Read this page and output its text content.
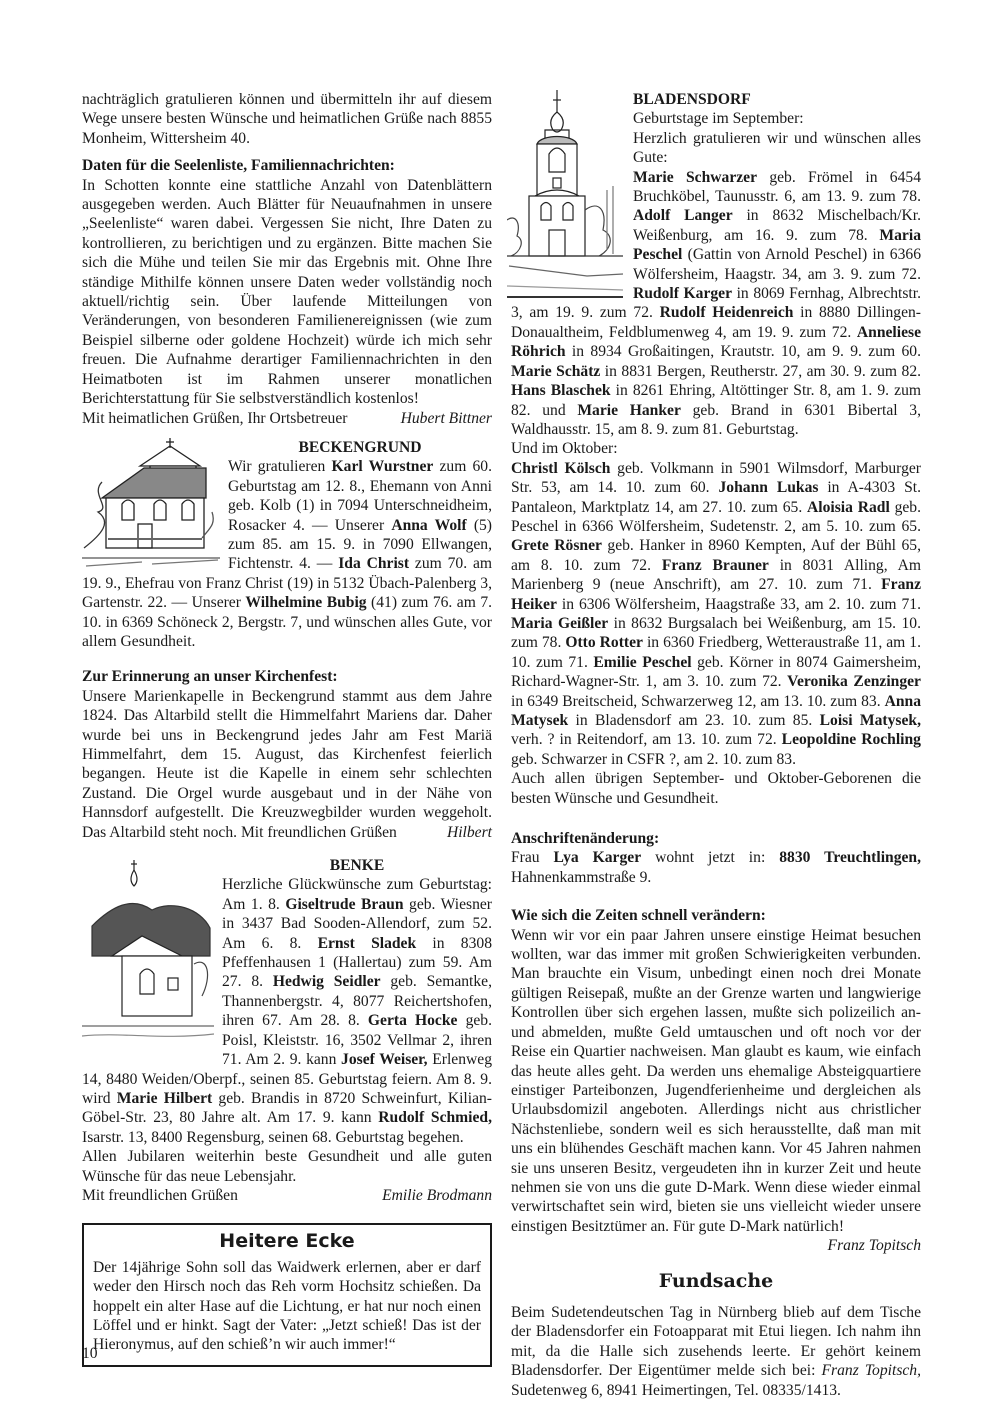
nachträglich gratulieren können und übermitteln ihr auf diesem Wege unsere besten Wünsche und heimatlichen Grüße nach 8855 Monheim, Wittersheim 40.

Daten für die Seelenliste, Familiennachrichten:

In Schotten konnte eine stattliche Anzahl von Datenblättern ausgegeben werden. Auch Blätter für Neuaufnahmen in unsere „Seelenliste“ waren dabei. Vergessen Sie nicht, Ihre Daten zu kontrollieren, zu berichtigen und zu ergänzen. Bitte machen Sie sich die Mühe und teilen Sie mir das Ergebnis mit. Ohne Ihre ständige Mithilfe können unsere Daten weder vollständig noch aktuell/richtig sein. Über laufende Mitteilungen von Veränderungen, von besonderen Familienereignissen (wie zum Beispiel silberne oder goldene Hochzeit) würde ich mich sehr freuen. Die Aufnahme derartiger Familiennachrichten in den Heimatboten ist im Rahmen unserer monatlichen Berichterstattung für Sie selbstverständlich kostenlos!

Mit heimatlichen Grüßen, Ihr Ortsbetreuer	Hubert Bittner
BECKENGRUND

Wir gratulieren Karl Wurstner zum 60. Geburtstag am 12. 8., Ehemann von Anni geb. Kolb (1) in 7094 Unterschneidheim, Rosacker 4. — Unserer Anna Wolf (5) zum 85. am 15. 9. in 7090 Ellwangen, Fichtenstr. 4. — Ida Christ zum 70. am 19. 9., Ehefrau von Franz Christ (19) in 5132 Übach-Palenberg 3, Gartenstr. 22. — Unserer Wilhelmine Bubig (41) zum 76. am 7. 10. in 6369 Schöneck 2, Bergstr. 7, und wünschen alles Gute, vor allem Gesundheit.

Zur Erinnerung an unser Kirchenfest:

Unsere Marienkapelle in Beckengrund stammt aus dem Jahre 1824. Das Altarbild stellt die Himmelfahrt Mariens dar. Daher wurde bei uns in Beckengrund jedes Jahr am Fest Mariä Himmelfahrt, dem 15. August, das Kirchenfest feierlich begangen. Heute ist die Kapelle in einem sehr schlechten Zustand. Die Orgel wurde ausgebaut und in der Nähe von Hannsdorf aufgestellt. Die Kreuzwegbilder wurden weggeholt. Das Altarbild steht noch. Mit freundlichen Grüßen	Hilbert

BENKE

Herzliche Glückwünsche zum Geburtstag: Am 1. 8. Giseltrude Braun geb. Wiesner in 3437 Bad Sooden-Allendorf, zum 52. Am 6. 8. Ernst Sladek in 8308 Pfeffenhausen 1 (Hallertau) zum 59. Am 27. 8. Hedwig Seidler geb. Semantke, Thannenbergstr. 4, 8077 Reichertshofen, ihren 67. Am 28. 8. Gerta Hocke geb. Poisl, Kleiststr. 16, 3502 Vellmar 2, ihren 71. Am 2. 9. kann Josef Weiser, Erlenweg 14, 8480 Weiden/Oberpf., seinen 85. Geburtstag feiern. Am 8. 9. wird Marie Hilbert geb. Brandis in 8720 Schweinfurt, Kilian-Göbel-Str. 23, 80 Jahre alt. Am 17. 9. kann Rudolf Schmied, Isarstr. 13, 8400 Regensburg, seinen 68. Geburtstag begehen.

Allen Jubilaren weiterhin beste Gesundheit und alle guten Wünsche für das neue Lebensjahr.

Mit freundlichen Grüßen	Emilie Brodmann
Heitere Ecke

Der 14jährige Sohn soll das Waidwerk erlernen, aber er darf weder den Hirsch noch das Reh vorm Hochsitz schießen. Da hoppelt ein alter Hase auf die Lichtung, er hat nur noch einen Löffel und er hinkt. Sagt der Vater: „Jetzt schieß! Das ist der Hieronymus, auf den schieß’n wir auch immer!“

BLADENSDORF

Geburtstage im September:

Herzlich gratulieren wir und wünschen alles Gute:

Marie Schwarzer geb. Frömel in 6454 Bruchköbel, Taunusstr. 6, am 13. 9. zum 78. Adolf Langer in 8632 Mischelbach/Kr. Weißenburg, am 16. 9. zum 78. Maria Peschel (Gattin von Arnold Peschel) in 6366 Wölfersheim, Haagstr. 34, am 3. 9. zum 72. Rudolf Karger in 8069 Fernhag, Albrechtstr. 3, am 19. 9. zum 72. Rudolf Heidenreich in 8880 Dillingen-Donaualtheim, Feldblumenweg 4, am 19. 9. zum 72. Anneliese Röhrich in 8934 Großaitingen, Krautstr. 10, am 9. 9. zum 60. Marie Schätz in 8831 Bergen, Reutherstr. 27, am 30. 9. zum 82. Hans Blaschek in 8261 Ehring, Altöttinger Str. 8, am 1. 9. zum 82. und Marie Hanker geb. Brand in 6301 Bibertal 3, Waldhausstr. 15, am 8. 9. zum 81. Geburtstag.

Und im Oktober:

Christl Kölsch geb. Volkmann in 5901 Wilmsdorf, Marburger Str. 53, am 14. 10. zum 60. Johann Lukas in A-4303 St. Pantaleon, Marktplatz 14, am 27. 10. zum 65. Aloisia Radl geb. Peschel in 6366 Wölfersheim, Sudetenstr. 2, am 5. 10. zum 65. Grete Rösner geb. Hanker in 8960 Kempten, Auf der Bühl 65, am 8. 10. zum 72. Franz Brauner in 8031 Alling, Am Marienberg 9 (neue Anschrift), am 27. 10. zum 71. Franz Heiker in 6306 Wölfersheim, Haagstraße 33, am 2. 10. zum 71. Maria Geißler in 8632 Burgsalach bei Weißenburg, am 15. 10. zum 78. Otto Rotter in 6360 Friedberg, Wetteraustraße 11, am 1. 10. zum 71. Emilie Peschel geb. Körner in 8074 Gaimersheim, Richard-Wagner-Str. 1, am 3. 10. zum 72. Veronika Zenzinger in 6349 Breitscheid, Schwarzerweg 12, am 13. 10. zum 83. Anna Matysek in Bladensdorf am 23. 10. zum 85. Loisi Matysek, verh. ? in Reitendorf, am 13. 10. zum 72. Leopoldine Rochling geb. Schwarzer in CSFR ?, am 2. 10. zum 83.

Auch allen übrigen September- und Oktober-Geborenen die besten Wünsche und Gesundheit.

Anschriftenänderung:

Frau Lya Karger wohnt jetzt in: 8830 Treuchtlingen, Hahnenkammstraße 9.

Wie sich die Zeiten schnell verändern:

Wenn wir vor ein paar Jahren unsere einstige Heimat besuchen wollten, war das immer mit großen Schwierigkeiten verbunden. Man brauchte ein Visum, unbedingt einen noch drei Monate gültigen Reisepaß, mußte an der Grenze warten und langwierige Kontrollen über sich ergehen lassen, mußte sich polizeilich an- und abmelden, mußte Geld umtauschen und oft noch vor der Reise ein Quartier nachweisen. Man glaubt es kaum, wie einfach das heute alles geht. Da werden uns ehemalige Absteigquartiere einstiger Parteibonzen, Jugendferienheime und dergleichen als Urlaubsdomizil angeboten. Allerdings nicht aus christlicher Nächstenliebe, sondern weil es sich herausstellte, daß man mit uns ein blühendes Geschäft machen kann. Vor 45 Jahren nahmen sie uns unseren Besitz, vergeudeten ihn in kurzer Zeit und heute nehmen sie von uns die gute D-Mark. Wenn diese wieder einmal verwirtschaftet sein wird, bieten sie uns vielleicht wieder unsere einstigen Besitztümer an. Für gute D-Mark natürlich!

Franz Topitsch
Fundsache

Beim Sudetendeutschen Tag in Nürnberg blieb auf dem Tische der Bladensdorfer ein Fotoapparat mit Etui liegen. Ich nahm ihn mit, da die Halle sich zusehends leerte. Er gehört keinem Bladensdorfer. Der Eigentümer melde sich bei: Franz Topitsch, Sudetenweg 6, 8941 Heimertingen, Tel. 08335/1413.

10
